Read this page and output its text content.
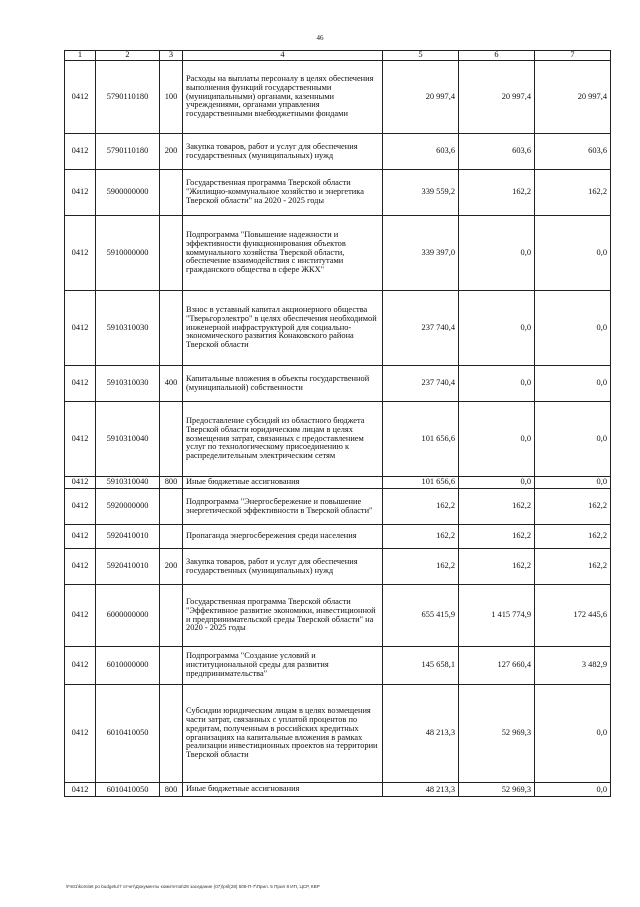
46
1	2	3	4	5	6	7
0412	5790110180	100	Расходы на выплаты персоналу в целях обеспечения выполнения функций государственными (муниципальными) органами, казенными учреждениями, органами управления государственными внебюджетными фондами	20 997,4	20 997,4	20 997,4
0412	5790110180	200	Закупка товаров, работ и услуг для обеспечения государственных (муниципальных) нужд	603,6	603,6	603,6
0412	5900000000		Государственная программа Тверской области "Жилищно-коммунальное хозяйство и энергетика Тверской области" на 2020 - 2025 годы	339 559,2	162,2	162,2
0412	5910000000		Подпрограмма "Повышение надежности и эффективности функционирования объектов коммунального хозяйства Тверской области, обеспечение взаимодействия с институтами гражданского общества в сфере ЖКХ"	339 397,0	0,0	0,0
0412	5910310030		Взнос в уставный капитал акционерного общества "Тверьгорэлектро" в целях обеспечения необходимой инженерной инфраструктурой для социально-экономического развития Конаковского района Тверской области	237 740,4	0,0	0,0
0412	5910310030	400	Капитальные вложения в объекты государственной (муниципальной) собственности	237 740,4	0,0	0,0
0412	5910310040		Предоставление субсидий из областного бюджета Тверской области юридическим лицам в целях возмещения затрат, связанных с предоставлением услуг по технологическому присоединению к распределительным электрическим сетям	101 656,6	0,0	0,0
0412	5910310040	800	Иные бюджетные ассигнования	101 656,6	0,0	0,0
0412	5920000000		Подпрограмма "Энергосбережение и повышение энергетической эффективности в Тверской области"	162,2	162,2	162,2
0412	5920410010		Пропаганда энергосбережения среди населения	162,2	162,2	162,2
0412	5920410010	200	Закупка товаров, работ и услуг для обеспечения государственных (муниципальных) нужд	162,2	162,2	162,2
0412	6000000000		Государственная программа Тверской области "Эффективное развитие экономики, инвестиционной и предпринимательской среды Тверской области" на 2020 - 2025 годы	655 415,9	1 415 774,9	172 445,6
0412	6010000000		Подпрограмма "Создание условий и институциональной среды для развития предпринимательства"	145 658,1	127 660,4	3 482,9
0412	6010410050		Субсидии юридическим лицам в целях возмещения части затрат, связанных с уплатой процентов по кредитам, полученным в российских кредитных организациях на капитальные вложения в рамках реализации инвестиционных проектов на территории Тверской области	48 213,3	52 969,3	0,0
0412	6010410050	800	Иные бюджетные ассигнования	48 213,3	52 969,3	0,0
\Fs01\komitet po budgetu\7 отчет\Документы комитетов\28 заседание (07)\pril(28) 508-П-7\Прил. 5 Прил 8 ИП, ЦСР, КВР
